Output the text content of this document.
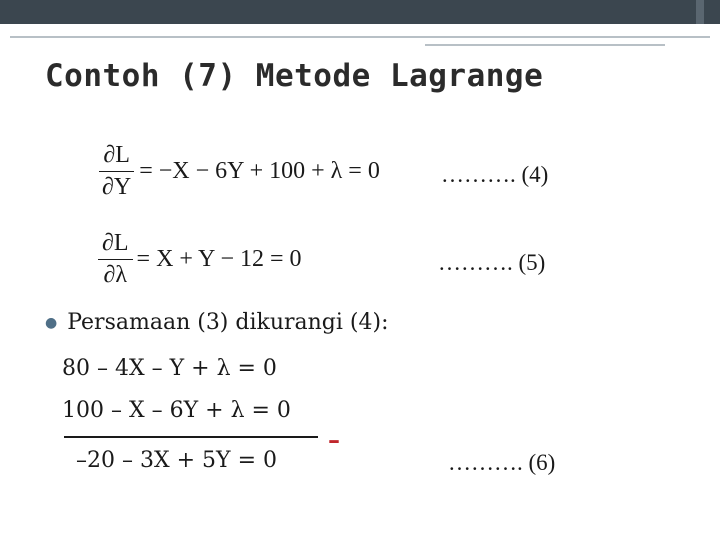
Contoh (7) Metode Lagrange
$\frac{\partial L}{\partial Y} = -X - 6Y + 100 + \lambda = 0$	………. (4)
$\frac{\partial L}{\partial\lambda} = X + Y - 12 = 0$	………. (5)
● Persamaan (3) dikurangi (4):
80 – 4X – Y + λ = 0
100 – X – 6Y + λ = 0
–
–20 – 3X + 5Y = 0	………. (6)
